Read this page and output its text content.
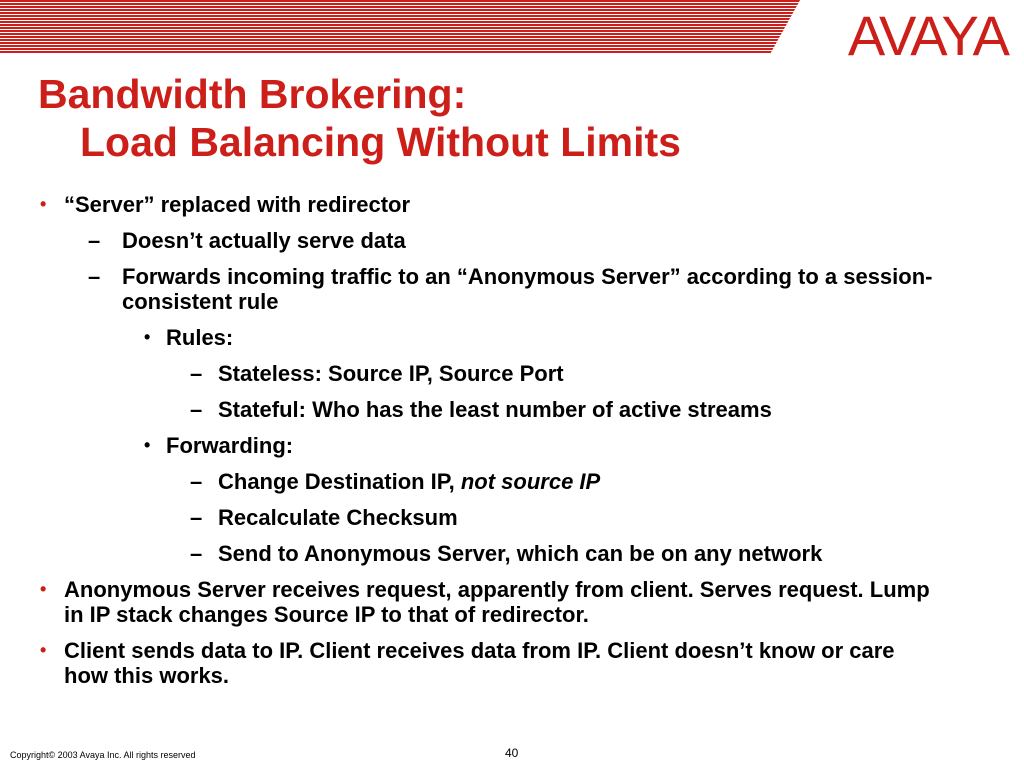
AVAYA
Bandwidth Brokering:
Load Balancing Without Limits
• “Server” replaced with redirector
– Doesn’t actually serve data
– Forwards incoming traffic to an “Anonymous Server” according to a session-consistent rule
• Rules:
– Stateless: Source IP, Source Port
– Stateful: Who has the least number of active streams
• Forwarding:
– Change Destination IP, not source IP
– Recalculate Checksum
– Send to Anonymous Server, which can be on any network
• Anonymous Server receives request, apparently from client. Serves request. Lump in IP stack changes Source IP to that of redirector.
• Client sends data to IP. Client receives data from IP. Client doesn’t know or care how this works.
Copyright© 2003 Avaya Inc. All rights reserved	40
